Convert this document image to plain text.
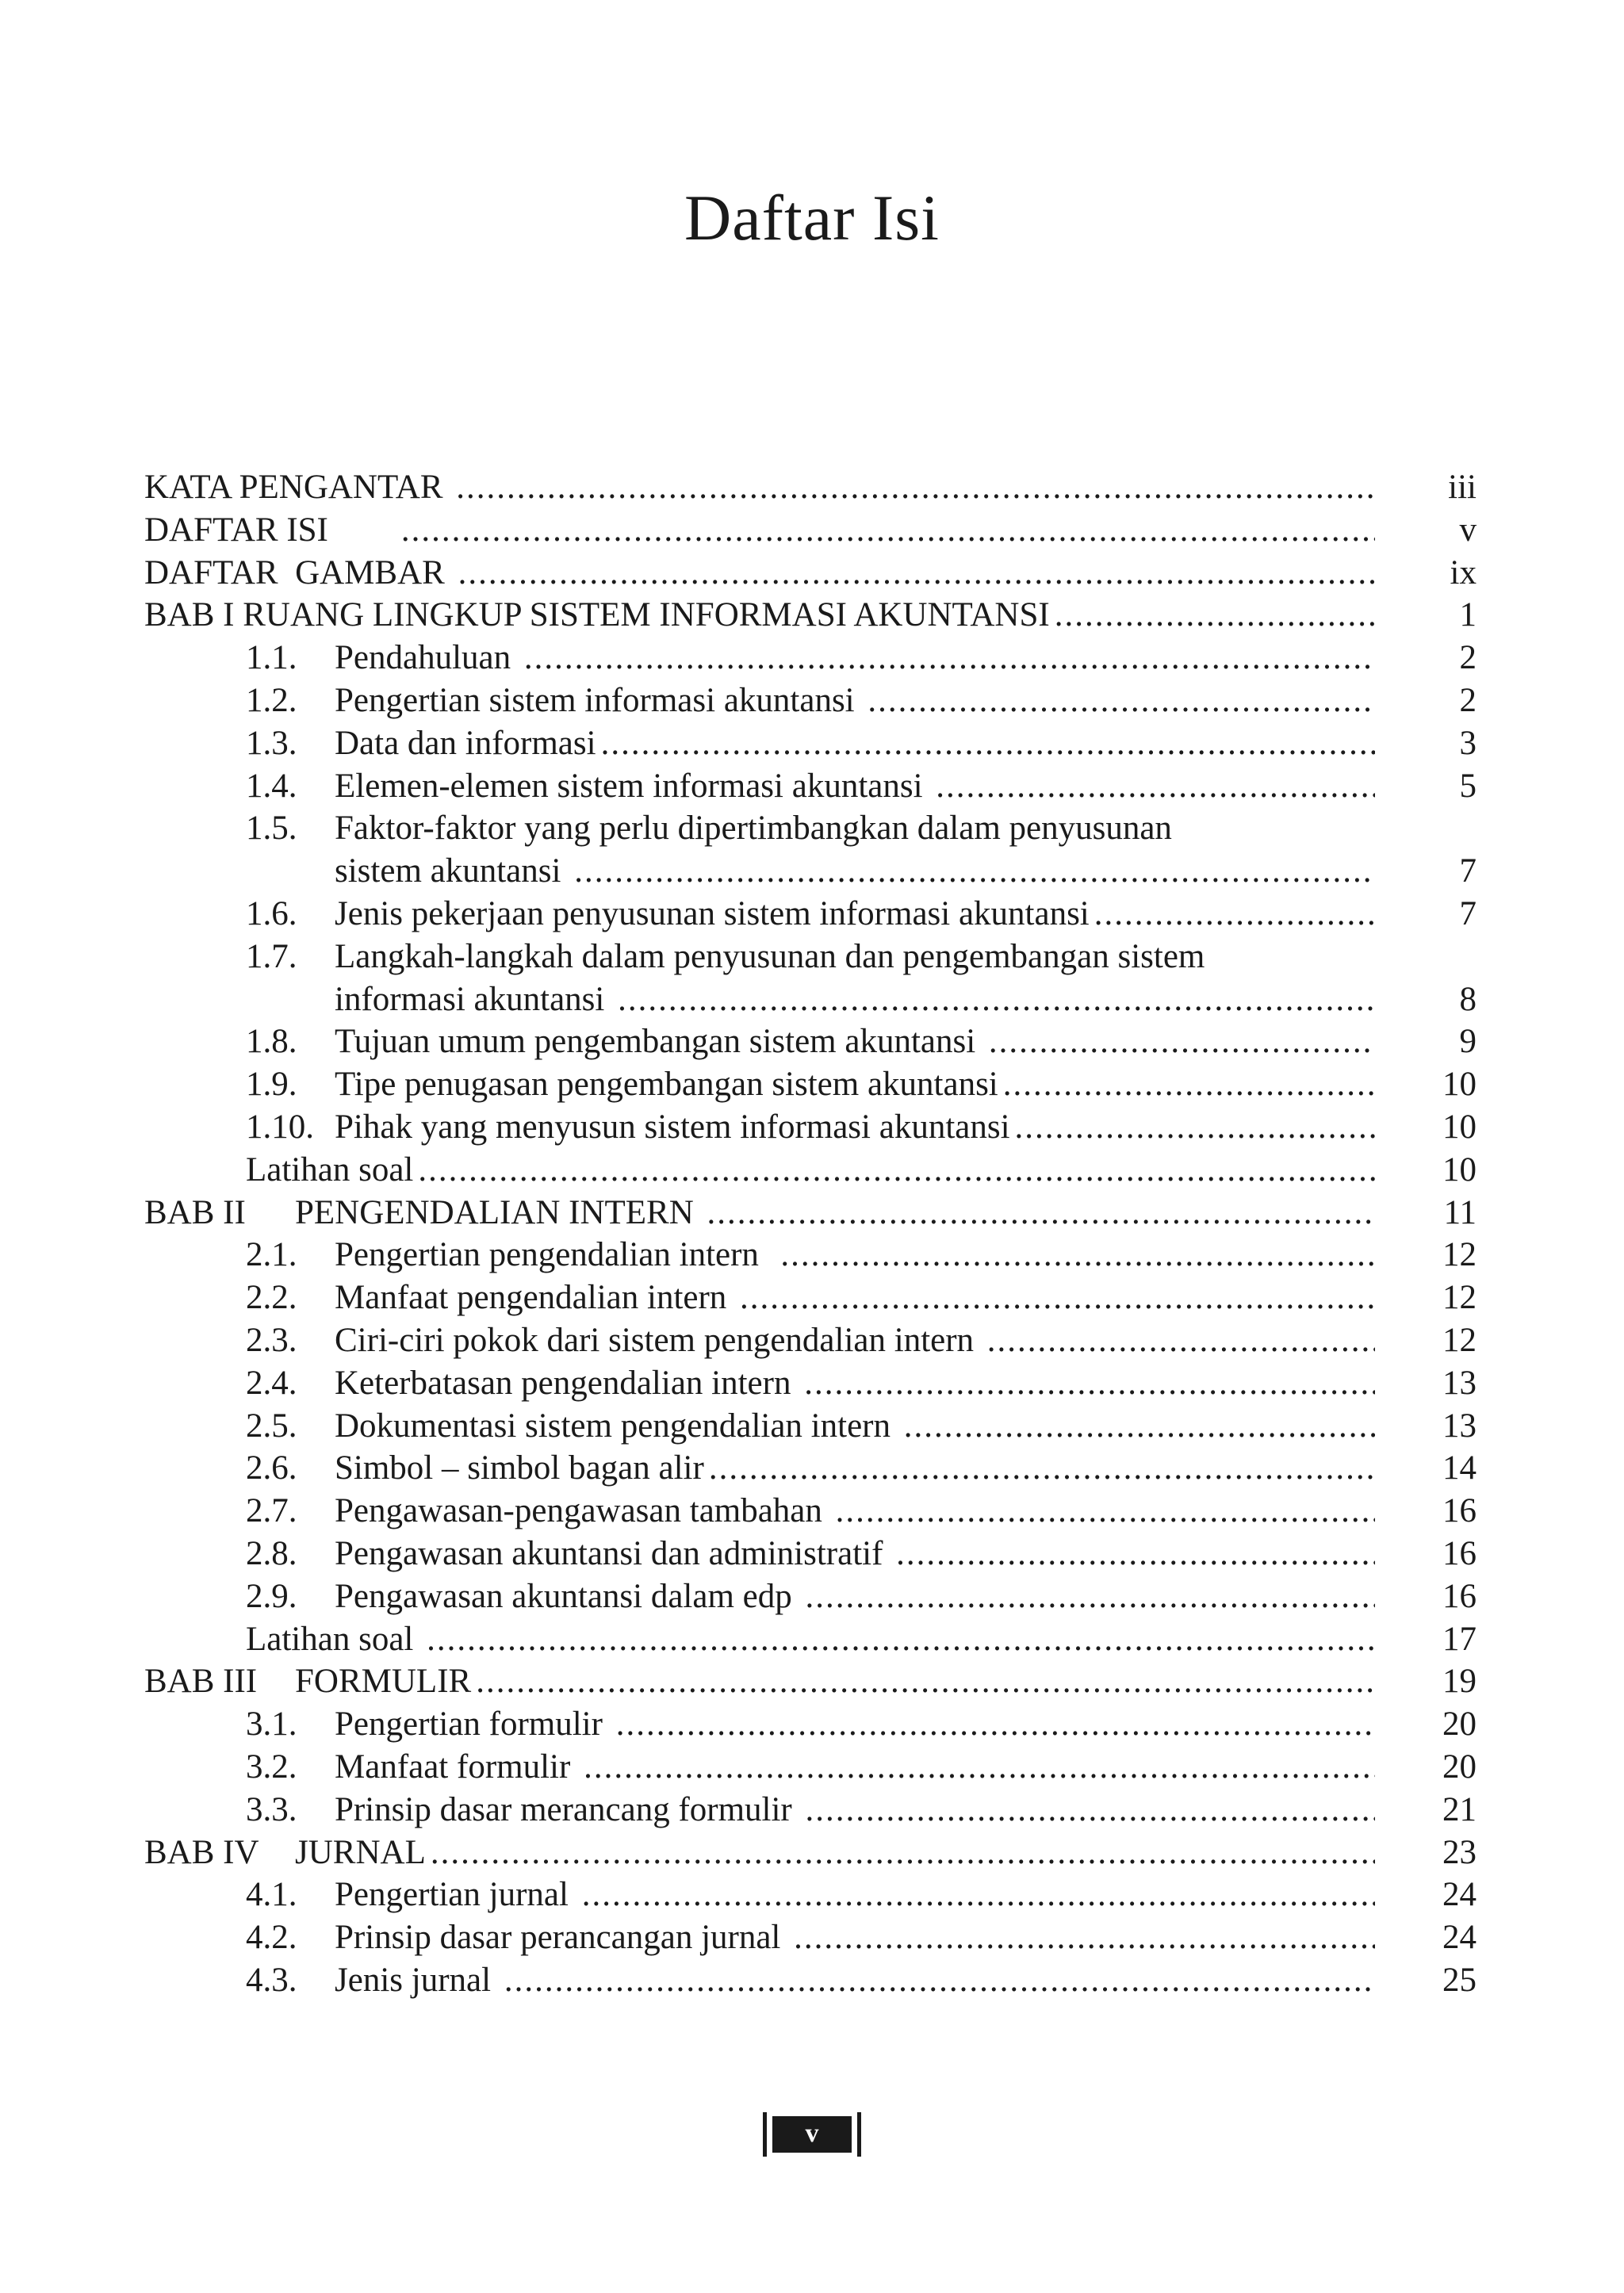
Daftar Isi
KATA PENGANTAR .....	iii
DAFTAR ISI .....	v
DAFTAR  GAMBAR .....	ix
BAB I RUANG LINGKUP SISTEM INFORMASI AKUNTANSI .....	1
1.1.	Pendahuluan .....	2
1.2.	Pengertian sistem informasi akuntansi .....	2
1.3.	Data dan informasi .....	3
1.4.	Elemen-elemen sistem informasi akuntansi .....	5
1.5.	Faktor-faktor yang perlu dipertimbangkan dalam penyusunan
sistem akuntansi .....	7
1.6.	Jenis pekerjaan penyusunan sistem informasi akuntansi .....	7
1.7.	Langkah-langkah dalam penyusunan dan pengembangan sistem
informasi akuntansi .....	8
1.8.	Tujuan umum pengembangan sistem akuntansi .....	9
1.9.	Tipe penugasan pengembangan sistem akuntansi .....	10
1.10. Pihak yang menyusun sistem informasi akuntansi .....	10
Latihan soal .....	10
BAB II	PENGENDALIAN INTERN .....	11
2.1.	Pengertian pengendalian intern .....	12
2.2.	Manfaat pengendalian intern .....	12
2.3.	Ciri-ciri pokok dari sistem pengendalian intern .....	12
2.4.	Keterbatasan pengendalian intern .....	13
2.5.	Dokumentasi sistem pengendalian intern .....	13
2.6.	Simbol – simbol bagan alir .....	14
2.7.	Pengawasan-pengawasan tambahan .....	16
2.8.	Pengawasan akuntansi dan administratif .....	16
2.9.	Pengawasan akuntansi dalam edp .....	16
Latihan soal .....	17
BAB III	FORMULIR .....	19
3.1.	Pengertian formulir .....	20
3.2.	Manfaat formulir .....	20
3.3.	Prinsip dasar merancang formulir .....	21
BAB IV	JURNAL .....	23
4.1.	Pengertian jurnal .....	24
4.2.	Prinsip dasar perancangan jurnal .....	24
4.3.	Jenis jurnal .....	25
v
